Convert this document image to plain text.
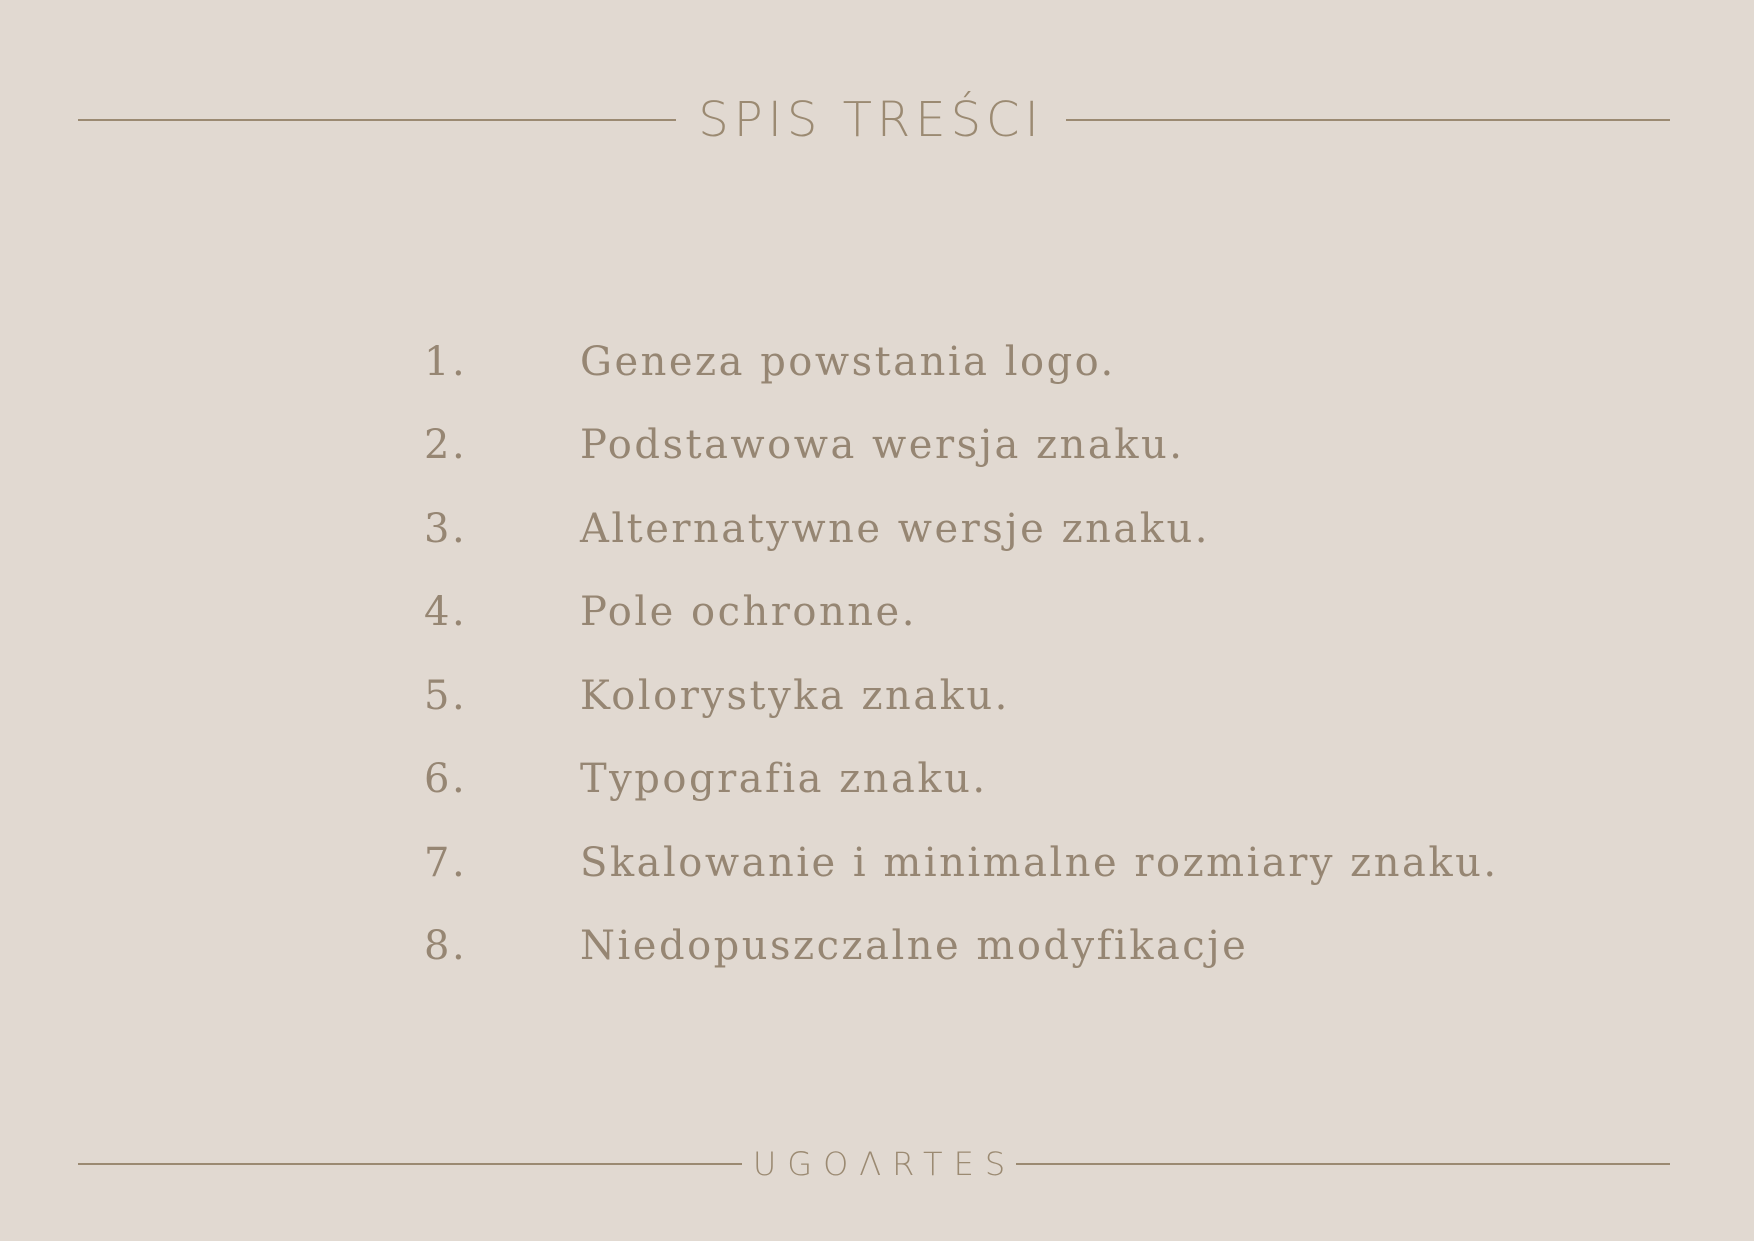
SPIS TREŚCI
1.	Geneza powstania logo.
2.	Podstawowa wersja znaku.
3.	Alternatywne wersje znaku.
4.	Pole ochronne.
5.	Kolorystyka znaku.
6.	Typografia znaku.
7.	Skalowanie i minimalne rozmiary znaku.
8.	Niedopuszczalne modyfikacje
UGOΛRTES
